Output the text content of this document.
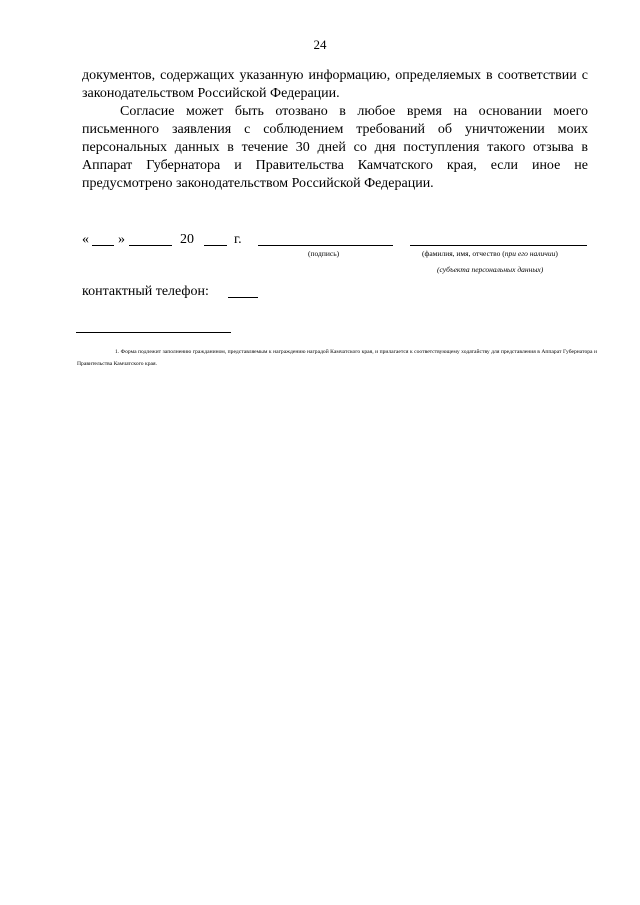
24

документов, содержащих указанную информацию, определяемых в соответствии с законодательством Российской Федерации.

Согласие может быть отозвано в любое время на основании моего письменного заявления с соблюдением требований об уничтожении моих персональных данных в течение 30 дней со дня поступления такого отзыва в Аппарат Губернатора и Правительства Камчатского края, если иное не предусмотрено законодательством Российской Федерации.

« »	20	г.
(подпись)	(фамилия, имя, отчество (при его наличии)
(субъекта персональных данных)
контактный телефон:

1. Форма подлежит заполнению гражданином, представляемым к награждению наградой Камчатского края, и прилагается к соответствующему ходатайству для представления в Аппарат Губернатора и Правительства Камчатского края.
